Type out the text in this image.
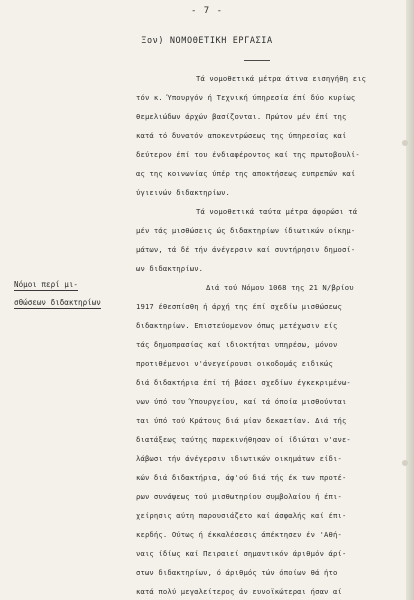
- 7 -
Ξον) ΝΟΜΟΘΕΤΙΚΗ ΕΡΓΑΣΙΑ
Νόμοι περί μι-
σθώσεων διδακτηρίων
Τά νομοθετικά μέτρα άτινα εισηγήθη εις
τόν κ. Ύπουργόν ή Τεχνική ύπηρεσία έπί δύο κυρίως
θεμελιώδων άρχών βασίζονται. Πρώτον μέν έπί της
κατά τό δυνατόν αποκεντρώσεως της ύπηρεσίας καί
δεύτερον έπί του ένδιαφέροντος καί της πρωτοβουλί-
ας της κοινωνίας ύπέρ της αποκτήσεως ευπρεπών καί
ύγιεινών διδακτηρίων.
Τά νομοθετικά ταύτα μέτρα άφορώσι τά
μέν τάς μισθώσεις ώς διδακτηρίων ίδιωτικών οίκημ-
μάτων, τά δέ τήν άνέγερσιν καί συντήρησιν δημοσί-
ων διδακτηρίων.
Διά τού Νόμου 1068 της 21 Ν/βρίου
1917 έθεσπίσθη ή άρχή της έπί σχεδίω μισθώσεως
διδακτηρίων. Επιστεύομενον όπως μετέχωσιν είς
τάς δημοπρασίας καί ιδιοκτήται υπηρέσω, μόνον
προτιθέμενοι ν'άνεγείρουσι οικοδομάς ειδικώς
διά διδακτήρια έπί τή βάσει σχεδίων έγκεκριμένω-
νων ύπό του Ύπουργείου, καί τά όποία μισθούνται
ται ύπό τού Κράτους διά μίαν δεκαετίαν. Διά τής
διατάξεως ταύτης παρεκινήθησαν οί ίδιώται ν'ανε-
λάβωσι τήν άνέγερσιν ιδιωτικών οικημάτων είδι-
κών διά διδακτήρια, άφ'ού διά τής έκ των προτέ-
ρων συνάψεως τού μισθωτηρίου συμβολαίου ή έπι-
χείρησις αύτη παρουσιάζετο καί άσφαλής καί έπι-
κερδής. Ούτως ή έκκαλέσεσις άπέκτησεν έν 'Αθή-
ναις ίδίως καί Πειραιεί σημαντικόν άριθμόν άρί-
στων διδακτηρίων, ό άριθμός τών όποίων θά ήτο
κατά πολύ μεγαλείτερος άν ευνοϊκώτεραι ήσαν αί
